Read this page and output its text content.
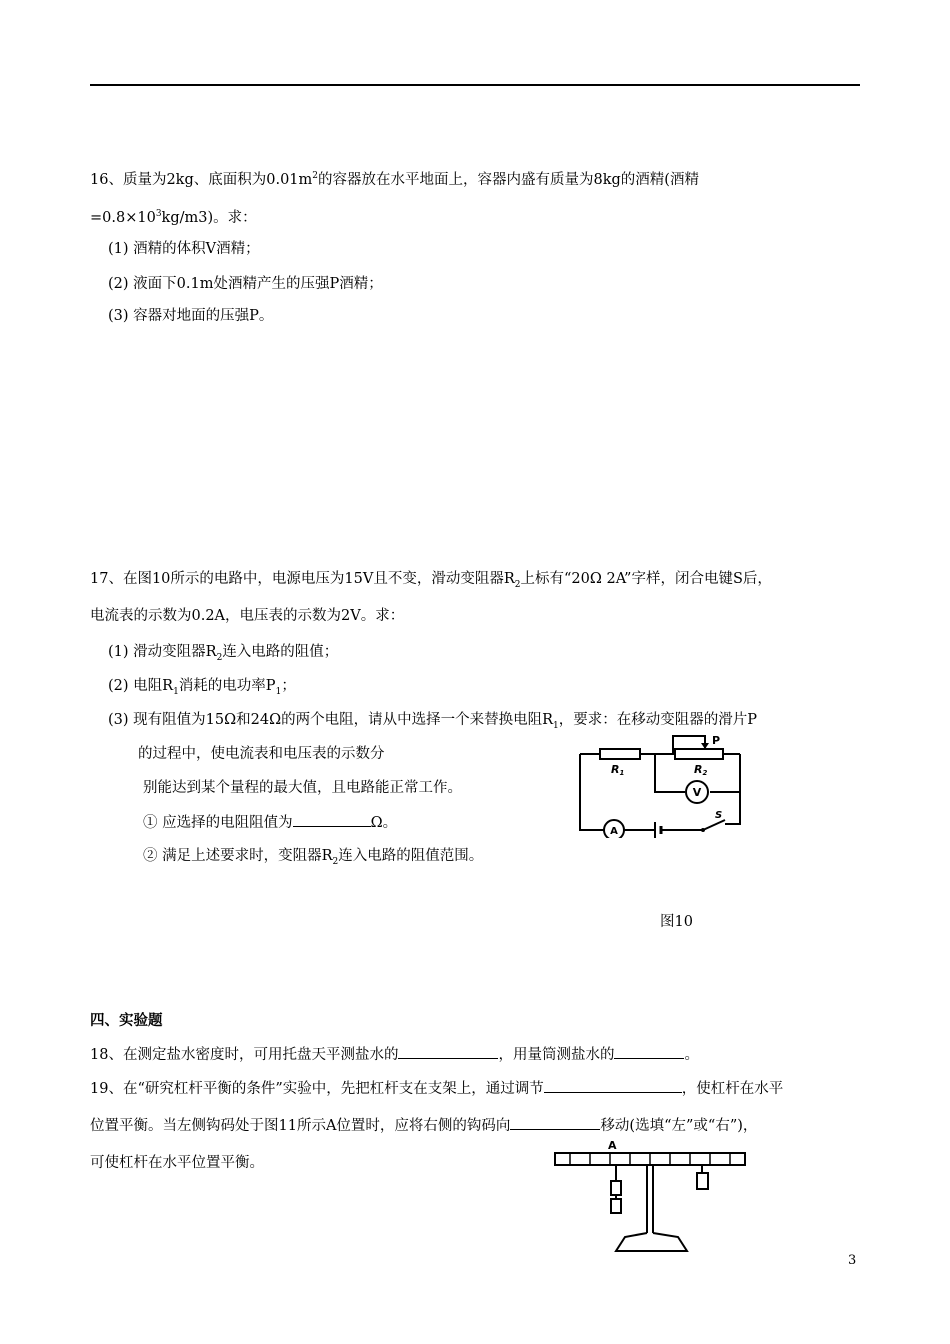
16、质量为2kg、底面积为$0.01m^2$的容器放在水平地面上，容器内盛有质量为8kg的酒精(酒精
$=0.8\times 10^3kg/m3$)。求：
(1) 酒精的体积V酒精；
(2) 液面下0.1m处酒精产生的压强P酒精；
(3) 容器对地面的压强P。
17、在图10所示的电路中，电源电压为15V且不变，滑动变阻器$R_2$上标有“20Ω 2A”字样，闭合电键S后，
电流表的示数为0.2A，电压表的示数为2V。求：
(1) 滑动变阻器$R_2$连入电路的阻值；
(2) 电阻$R_1$消耗的电功率$P_1$；
(3) 现有阻值为15Ω和24Ω的两个电阻，请从中选择一个来替换电阻$R_1$，要求：在移动变阻器的滑片P
的过程中，使电流表和电压表的示数分
别能达到某个量程的最大值，且电路能正常工作。
① 应选择的电阻阻值为	Ω。
② 满足上述要求时，变阻器$R_2$连入电路的阻值范围。
R1	R2
P
V
A
S
图10
四、实验题
18、在测定盐水密度时，可用托盘天平测盐水的	，用量筒测盐水的	。
19、在“研究杠杆平衡的条件”实验中，先把杠杆支在支架上，通过调节	，使杠杆在水平
位置平衡。当左侧钩码处于图11所示A位置时，应将右侧的钩码向	移动(选填“左”或“右”)，
可使杠杆在水平位置平衡。
A
3
